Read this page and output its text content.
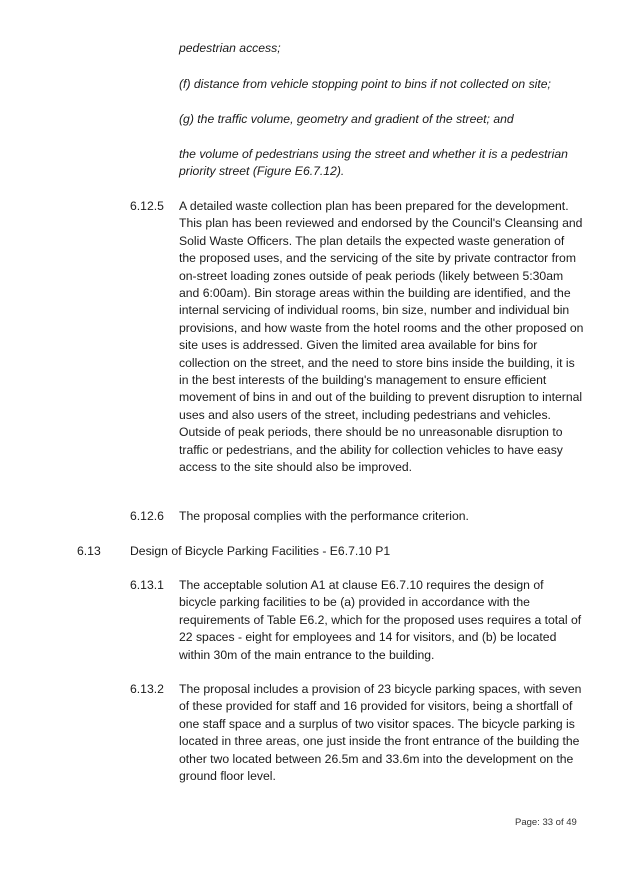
pedestrian access;
(f) distance from vehicle stopping point to bins if not collected on site;
(g) the traffic volume, geometry and gradient of the street; and
the volume of pedestrians using the street and whether it is a pedestrian priority street (Figure E6.7.12).
6.12.5 A detailed waste collection plan has been prepared for the development. This plan has been reviewed and endorsed by the Council's Cleansing and Solid Waste Officers. The plan details the expected waste generation of the proposed uses, and the servicing of the site by private contractor from on-street loading zones outside of peak periods (likely between 5:30am and 6:00am). Bin storage areas within the building are identified, and the internal servicing of individual rooms, bin size, number and individual bin provisions, and how waste from the hotel rooms and the other proposed on site uses is addressed. Given the limited area available for bins for collection on the street, and the need to store bins inside the building, it is in the best interests of the building's management to ensure efficient movement of bins in and out of the building to prevent disruption to internal uses and also users of the street, including pedestrians and vehicles. Outside of peak periods, there should be no unreasonable disruption to traffic or pedestrians, and the ability for collection vehicles to have easy access to the site should also be improved.
6.12.6 The proposal complies with the performance criterion.
6.13 Design of Bicycle Parking Facilities - E6.7.10 P1
6.13.1 The acceptable solution A1 at clause E6.7.10 requires the design of bicycle parking facilities to be (a) provided in accordance with the requirements of Table E6.2, which for the proposed uses requires a total of 22 spaces - eight for employees and 14 for visitors, and (b) be located within 30m of the main entrance to the building.
6.13.2 The proposal includes a provision of 23 bicycle parking spaces, with seven of these provided for staff and 16 provided for visitors, being a shortfall of one staff space and a surplus of two visitor spaces. The bicycle parking is located in three areas, one just inside the front entrance of the building the other two located between 26.5m and 33.6m into the development on the ground floor level.
Page: 33 of 49
